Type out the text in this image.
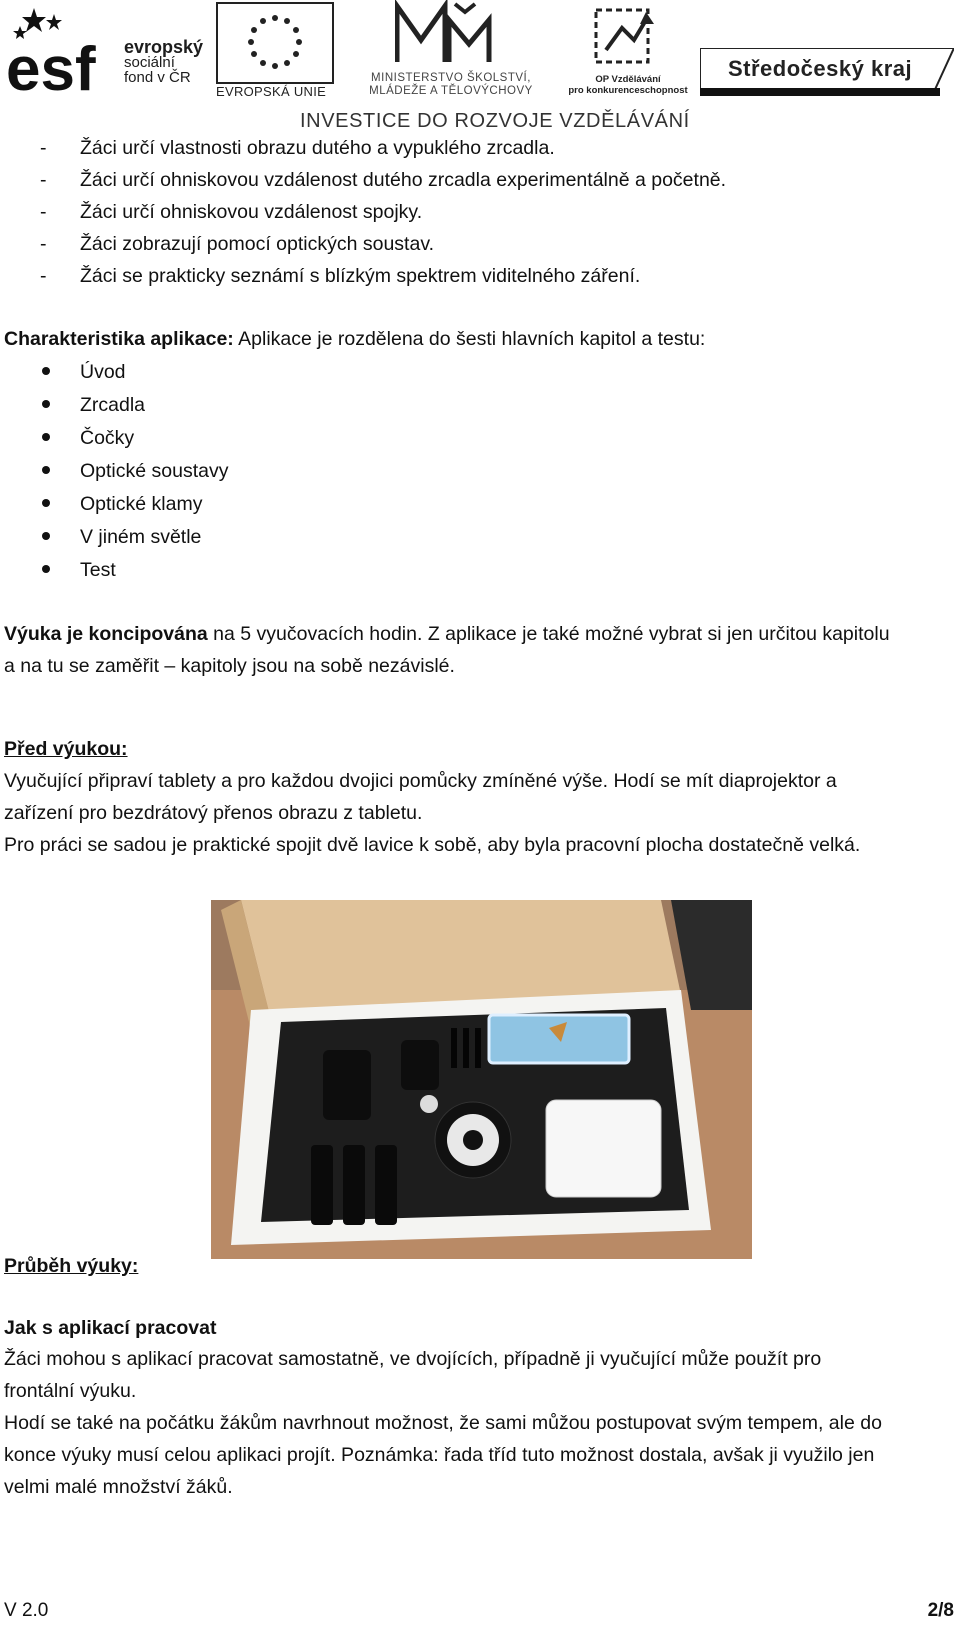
esf evropský
sociální
fond v ČR
EVROPSKÁ UNIE
MINISTERSTVO ŠKOLSTVÍ,
MLÁDEŽE A TĚLOVÝCHOVY
OP Vzdělávání
pro konkurenceschopnost
Středočeský kraj
INVESTICE DO ROZVOJE VZDĚLÁVÁNÍ
- Žáci určí vlastnosti obrazu dutého a vypuklého zrcadla.
- Žáci určí ohniskovou vzdálenost dutého zrcadla experimentálně a početně.
- Žáci určí ohniskovou vzdálenost spojky.
- Žáci zobrazují pomocí optických soustav.
- Žáci se prakticky seznámí s blízkým spektrem viditelného záření.
Charakteristika aplikace: Aplikace je rozdělena do šesti hlavních kapitol a testu:
Úvod
Zrcadla
Čočky
Optické soustavy
Optické klamy
V jiném světle
Test
Výuka je koncipována na 5 vyučovacích hodin. Z aplikace je také možné vybrat si jen určitou kapitolu
a na tu se zaměřit – kapitoly jsou na sobě nezávislé.
Před výukou:
Vyučující připraví tablety a pro každou dvojici pomůcky zmíněné výše. Hodí se mít diaprojektor a
zařízení pro bezdrátový přenos obrazu z tabletu.
Pro práci se sadou je praktické spojit dvě lavice k sobě, aby byla pracovní plocha dostatečně velká.
Průběh výuky:
Jak s aplikací pracovat
Žáci mohou s aplikací pracovat samostatně, ve dvojících, případně ji vyučující může použít pro
frontální výuku.
Hodí se také na počátku žákům navrhnout možnost, že sami můžou postupovat svým tempem, ale do
konce výuky musí celou aplikaci projít. Poznámka: řada tříd tuto možnost dostala, avšak ji využilo jen
velmi malé množství žáků.
V 2.0	2/8
